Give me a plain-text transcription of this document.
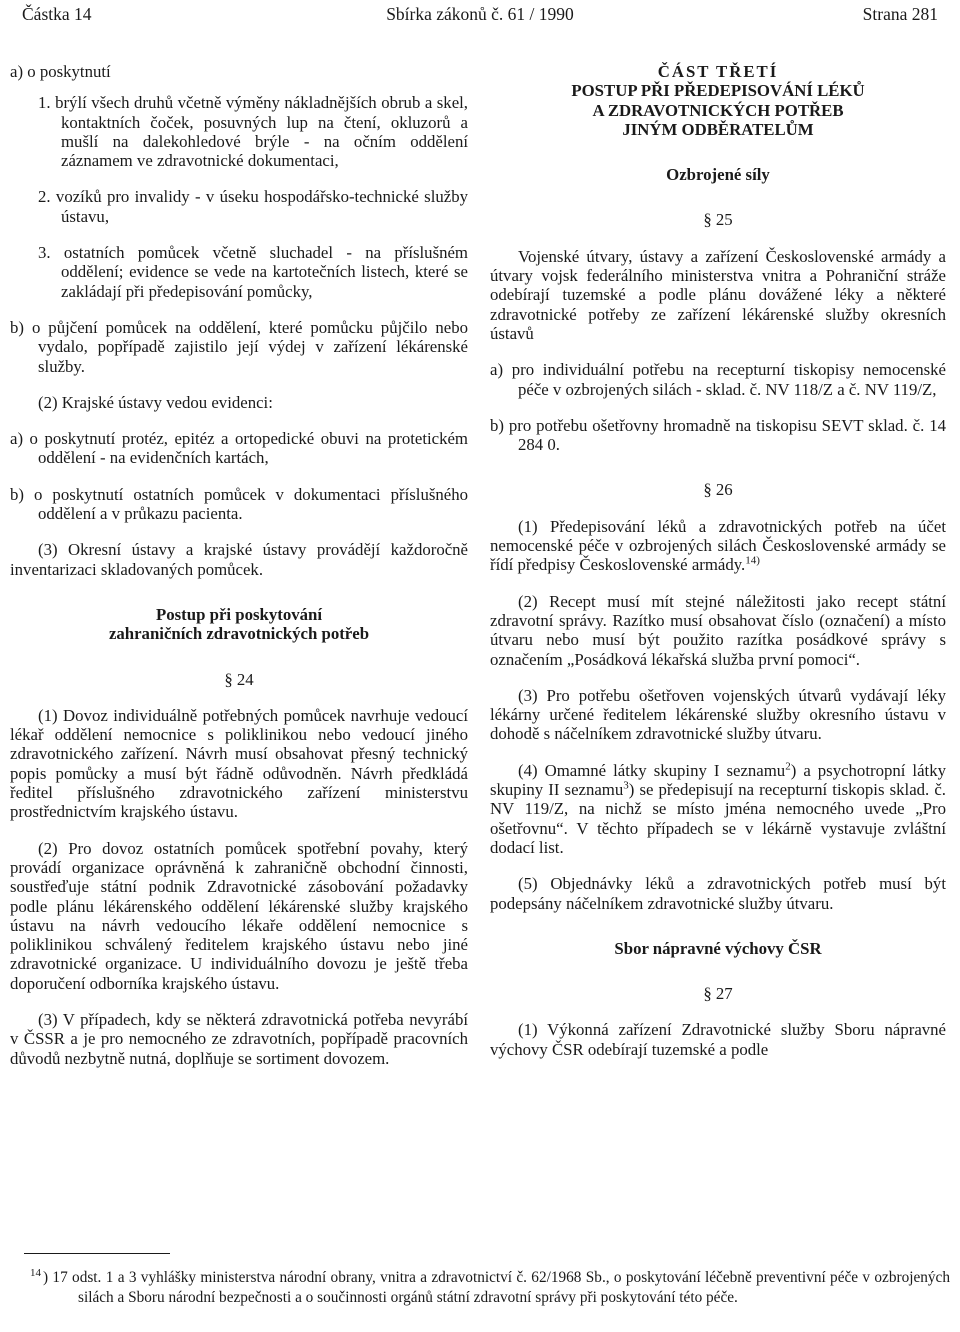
Částka 14	Sbírka zákonů č. 61 / 1990	Strana 281

a) o poskytnutí

1. brýlí všech druhů včetně výměny nákladnějších obrub a skel, kontaktních čoček, posuvných lup na čtení, okluzorů a mušlí na dalekohledové brýle - na očním oddělení záznamem ve zdravotnické dokumentaci,

2. vozíků pro invalidy - v úseku hospodářsko-technické služby ústavu,

3. ostatních pomůcek včetně sluchadel - na příslušném oddělení; evidence se vede na kartotečních listech, které se zakládají při předepisování pomůcky,

b) o půjčení pomůcek na oddělení, které pomůcku půjčilo nebo vydalo, popřípadě zajistilo její výdej v zařízení lékárenské služby.

(2) Krajské ústavy vedou evidenci:

a) o poskytnutí protéz, epitéz a ortopedické obuvi na protetickém oddělení - na evidenčních kartách,

b) o poskytnutí ostatních pomůcek v dokumentaci příslušného oddělení a v průkazu pacienta.

(3) Okresní ústavy a krajské ústavy provádějí každoročně inventarizaci skladovaných pomůcek.

Postup při poskytování

zahraničních zdravotnických potřeb

§ 24

(1) Dovoz individuálně potřebných pomůcek navrhuje vedoucí lékař oddělení nemocnice s poliklinikou nebo vedoucí jiného zdravotnického zařízení. Návrh musí obsahovat přesný technický popis pomůcky a musí být řádně odůvodněn. Návrh předkládá ředitel příslušného zdravotnického zařízení ministerstvu prostřednictvím krajského ústavu.

(2) Pro dovoz ostatních pomůcek spotřební povahy, který provádí organizace oprávněná k zahraničně obchodní činnosti, soustřeďuje státní podnik Zdravotnické zásobování požadavky podle plánu lékárenského oddělení lékárenské služby krajského ústavu na návrh vedoucího lékaře oddělení nemocnice s poliklinikou schválený ředitelem krajského ústavu nebo jiné zdravotnické organizace. U individuálního dovozu je ještě třeba doporučení odborníka krajského ústavu.

(3) V případech, kdy se některá zdravotnická potřeba nevyrábí v ČSSR a je pro nemocného ze zdravotních, popřípadě pracovních důvodů nezbytně nutná, doplňuje se sortiment dovozem.

ČÁST TŘETÍ

POSTUP PŘI PŘEDEPISOVÁNÍ LÉKŮ

A ZDRAVOTNICKÝCH POTŘEB

JINÝM ODBĚRATELŮM

Ozbrojené síly

§ 25

Vojenské útvary, ústavy a zařízení Československé armády a útvary vojsk federálního ministerstva vnitra a Pohraniční stráže odebírají tuzemské a podle plánu dovážené léky a některé zdravotnické potřeby ze zařízení lékárenské služby okresních ústavů

a) pro individuální potřebu na recepturní tiskopisy nemocenské péče v ozbrojených silách - sklad. č. NV 118/Z a č. NV 119/Z,

b) pro potřebu ošetřovny hromadně na tiskopisu SEVT sklad. č. 14 284 0.

§ 26

(1) Předepisování léků a zdravotnických potřeb na účet nemocenské péče v ozbrojených silách Československé armády se řídí předpisy Československé armády.$^{14)}$

(2) Recept musí mít stejné náležitosti jako recept státní zdravotní správy. Razítko musí obsahovat číslo (označení) a místo útvaru nebo musí být použito razítka posádkové správy s označením „Posádková lékařská služba první pomoci“.

(3) Pro potřebu ošetřoven vojenských útvarů vydávají léky lékárny určené ředitelem lékárenské služby okresního ústavu v dohodě s náčelníkem zdravotnické služby útvaru.

(4) Omamné látky skupiny I seznamu$^2$) a psychotropní látky skupiny II seznamu$^3$) se předepisují na recepturní tiskopis sklad. č. NV 119/Z, na nichž se místo jména nemocného uvede „Pro ošetřovnu“. V těchto případech se v lékárně vystavuje zvláštní dodací list.

(5) Objednávky léků a zdravotnických potřeb musí být podepsány náčelníkem zdravotnické služby útvaru.

Sbor nápravné výchovy ČSR

§ 27

(1) Výkonná zařízení Zdravotnické služby Sboru nápravné výchovy ČSR odebírají tuzemské a podle

$^{14}$ ) 17 odst. 1 a 3 vyhlášky ministerstva národní obrany, vnitra a zdravotnictví č. 62/1968 Sb., o poskytování léčebně preventivní péče v ozbrojených silách a Sboru národní bezpečnosti a o součinnosti orgánů státní zdravotní správy při poskytování této péče.
